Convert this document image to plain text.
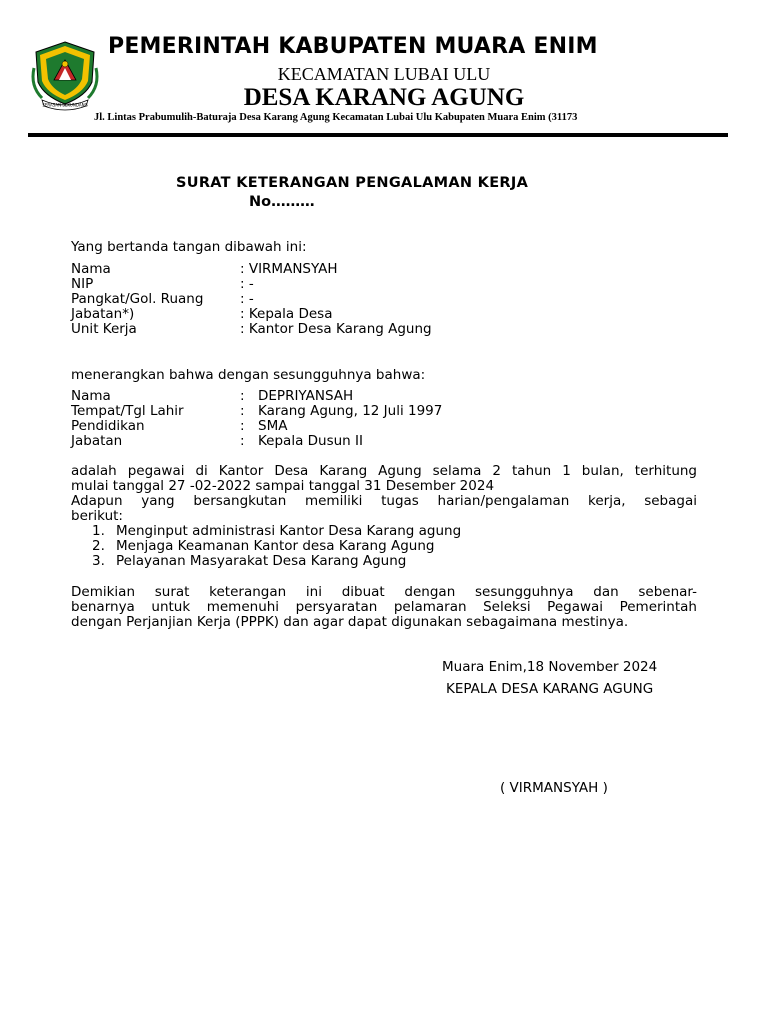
SERASAN SEKUNDANG
PEMERINTAH KABUPATEN MUARA ENIM
KECAMATAN LUBAI ULU
DESA KARANG AGUNG
Jl. Lintas Prabumulih-Baturaja Desa Karang Agung Kecamatan Lubai Ulu Kabupaten Muara Enim (31173
SURAT KETERANGAN PENGALAMAN KERJA
No………
Yang bertanda tangan dibawah ini:
Nama	: VIRMANSYAH
NIP	: -
Pangkat/Gol. Ruang	: -
Jabatan*)	: Kepala Desa
Unit Kerja	: Kantor Desa Karang Agung
menerangkan bahwa dengan sesungguhnya bahwa:
Nama	: DEPRIYANSAH
Tempat/Tgl Lahir	: Karang Agung, 12 Juli 1997
Pendidikan	: SMA
Jabatan	: Kepala Dusun II
adalah pegawai di Kantor Desa Karang Agung selama 2 tahun 1 bulan, terhitung
mulai tanggal 27 -02-2022 sampai tanggal 31 Desember 2024
Adapun yang bersangkutan memiliki tugas harian/pengalaman kerja, sebagai
berikut:
1. Menginput administrasi Kantor Desa Karang agung
2. Menjaga Keamanan Kantor desa Karang Agung
3. Pelayanan Masyarakat Desa Karang Agung
Demikian surat keterangan ini dibuat dengan sesungguhnya dan sebenar-
benarnya untuk memenuhi persyaratan pelamaran Seleksi Pegawai Pemerintah
dengan Perjanjian Kerja (PPPK) dan agar dapat digunakan sebagaimana mestinya.
Muara Enim,18 November 2024
KEPALA DESA KARANG AGUNG
( VIRMANSYAH )
